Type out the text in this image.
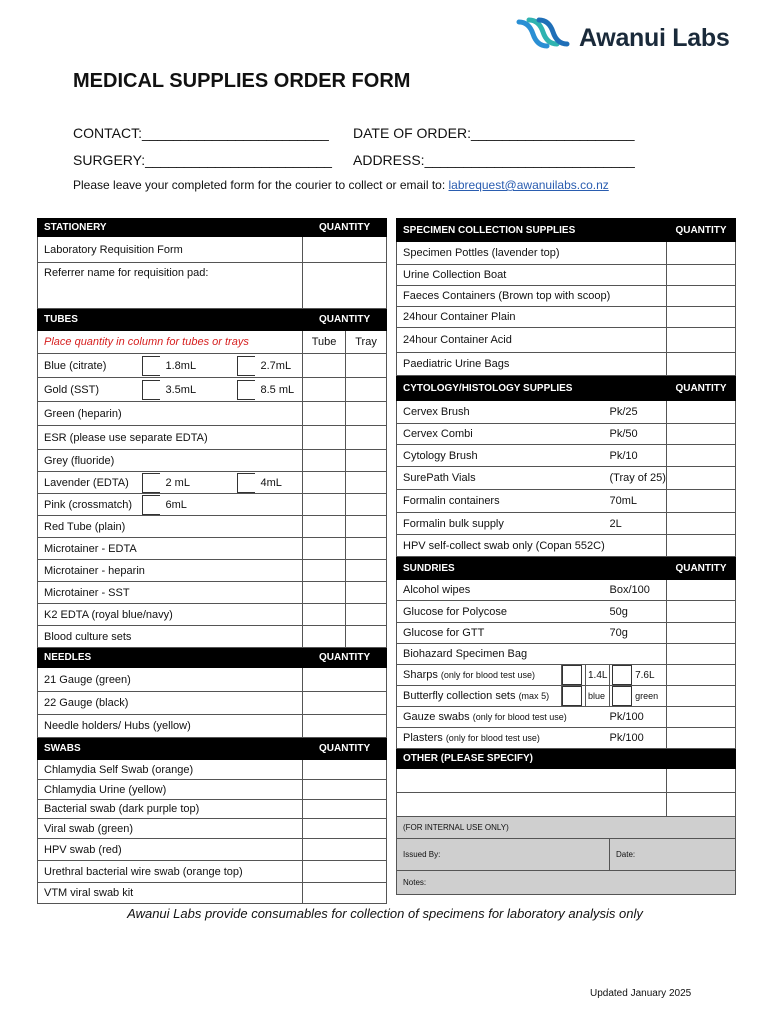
Awanui Labs
MEDICAL SUPPLIES ORDER FORM
CONTACT:________________________ DATE OF ORDER:_____________________
SURGERY:________________________ ADDRESS:___________________________
Please leave your completed form for the courier to collect or email to: labrequest@awanuilabs.co.nz
STATIONERY					QUANTITY	
Laboratory Requisition Form						
Referrer name for requisition pad:						
TUBES					QUANTITY	
Place quantity in column for tubes or trays					Tube	Tray
Blue (citrate)		1.8mL		2.7mL		
Gold (SST)		3.5mL		8.5 mL		
Green (heparin)						
ESR (please use separate EDTA)						
Grey (fluoride)						
Lavender (EDTA)		2 mL		4mL		
Pink (crossmatch)		6mL				
Red Tube (plain)						
Microtainer - EDTA						
Microtainer - heparin						
Microtainer - SST						
K2 EDTA (royal blue/navy)						
Blood culture sets						
NEEDLES					QUANTITY	
21 Gauge (green)						
22 Gauge (black)						
Needle holders/ Hubs (yellow)						
SWABS					QUANTITY	
Chlamydia Self Swab (orange)						
Chlamydia Urine (yellow)						
Bacterial swab (dark purple top)						
Viral swab (green)						
HPV swab (red)						
Urethral bacterial wire swab (orange top)						
VTM viral swab kit						
SPECIMEN COLLECTION SUPPLIES				QUANTITY
Specimen Pottles (lavender top)				
Urine Collection Boat				
Faeces Containers (Brown top with scoop)				
24hour Container Plain				
24hour Container Acid				
Paediatric Urine Bags				
CYTOLOGY/HISTOLOGY SUPPLIES				QUANTITY
Cervex Brush			Pk/25	
Cervex Combi			Pk/50	
Cytology Brush			Pk/10	
SurePath Vials			(Tray of 25)	
Formalin containers			70mL	
Formalin bulk supply			2L	
HPV self-collect swab only (Copan 552C)				
SUNDRIES				QUANTITY
Alcohol wipes			Box/100	
Glucose for Polycose			50g	
Glucose for GTT			70g	
Biohazard Specimen Bag				
Sharps (only for blood test use)		1.4L	7.6L	
Butterfly collection sets (max 5)		blue	green	
Gauze swabs (only for blood test use)			Pk/100	
Plasters (only for blood test use)			Pk/100	
OTHER (PLEASE SPECIFY)				

(FOR INTERNAL USE ONLY)				
Issued By:			Date:	
Notes:				
Awanui Labs provide consumables for collection of specimens for laboratory analysis only
Updated January 2025
